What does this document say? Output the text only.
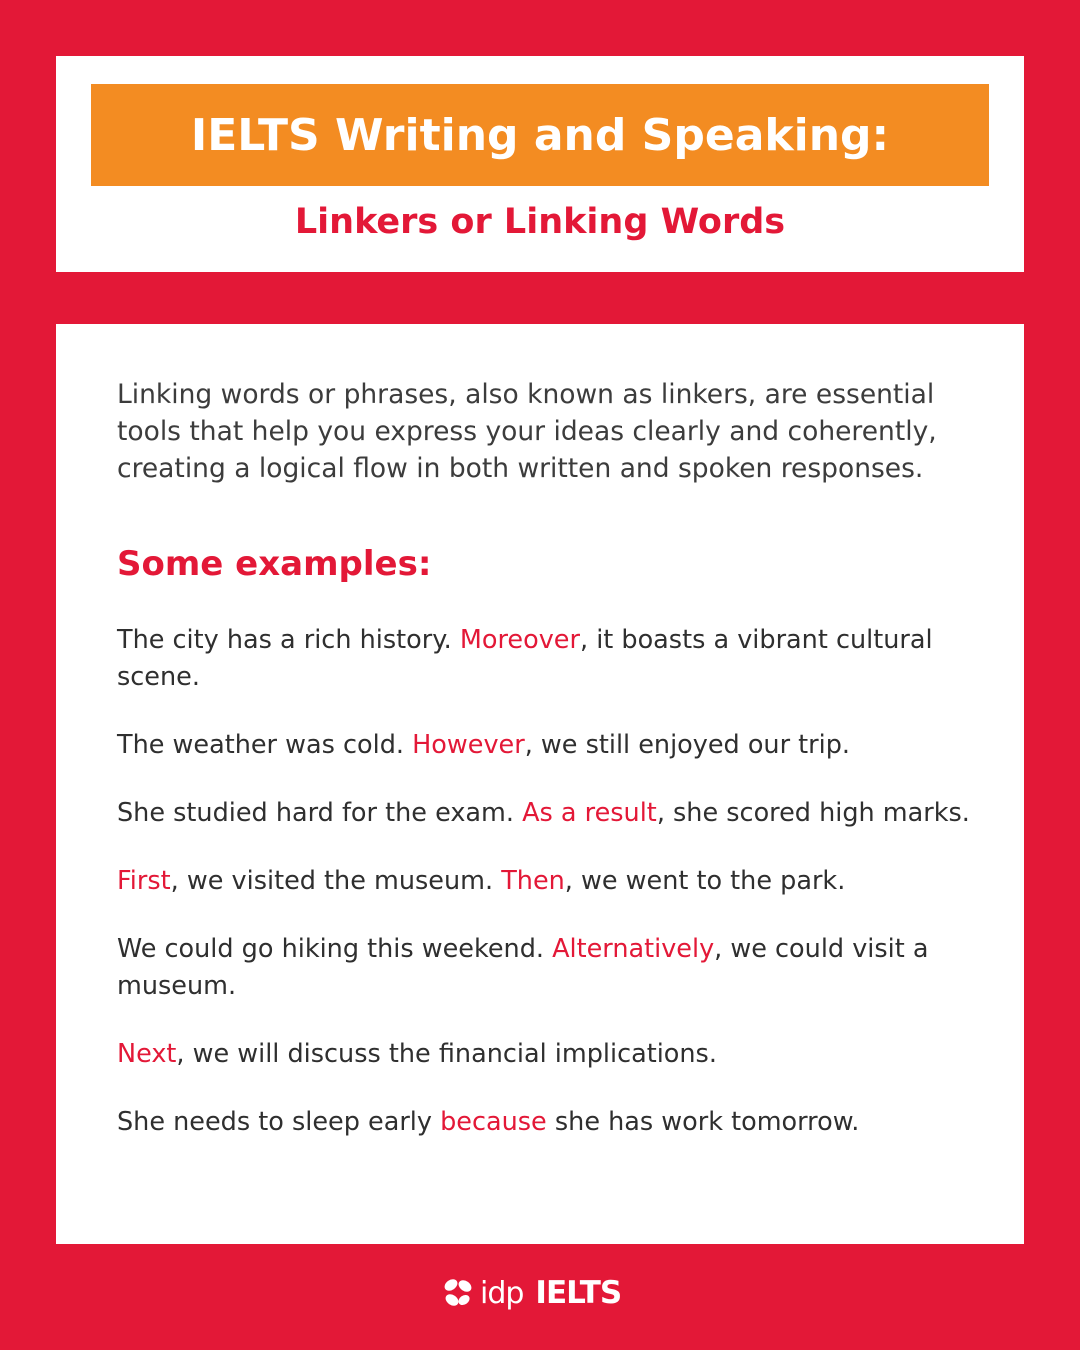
IELTS Writing and Speaking:
Linkers or Linking Words

Linking words or phrases, also known as linkers, are essential tools that help you express your ideas clearly and coherently, creating a logical flow in both written and spoken responses.

Some examples:
The city has a rich history. Moreover, it boasts a vibrant cultural scene.
The weather was cold. However, we still enjoyed our trip.
She studied hard for the exam. As a result, she scored high marks.
First, we visited the museum. Then, we went to the park.
We could go hiking this weekend. Alternatively, we could visit a museum.
Next, we will discuss the financial implications.
She needs to sleep early because she has work tomorrow.
idp IELTS
